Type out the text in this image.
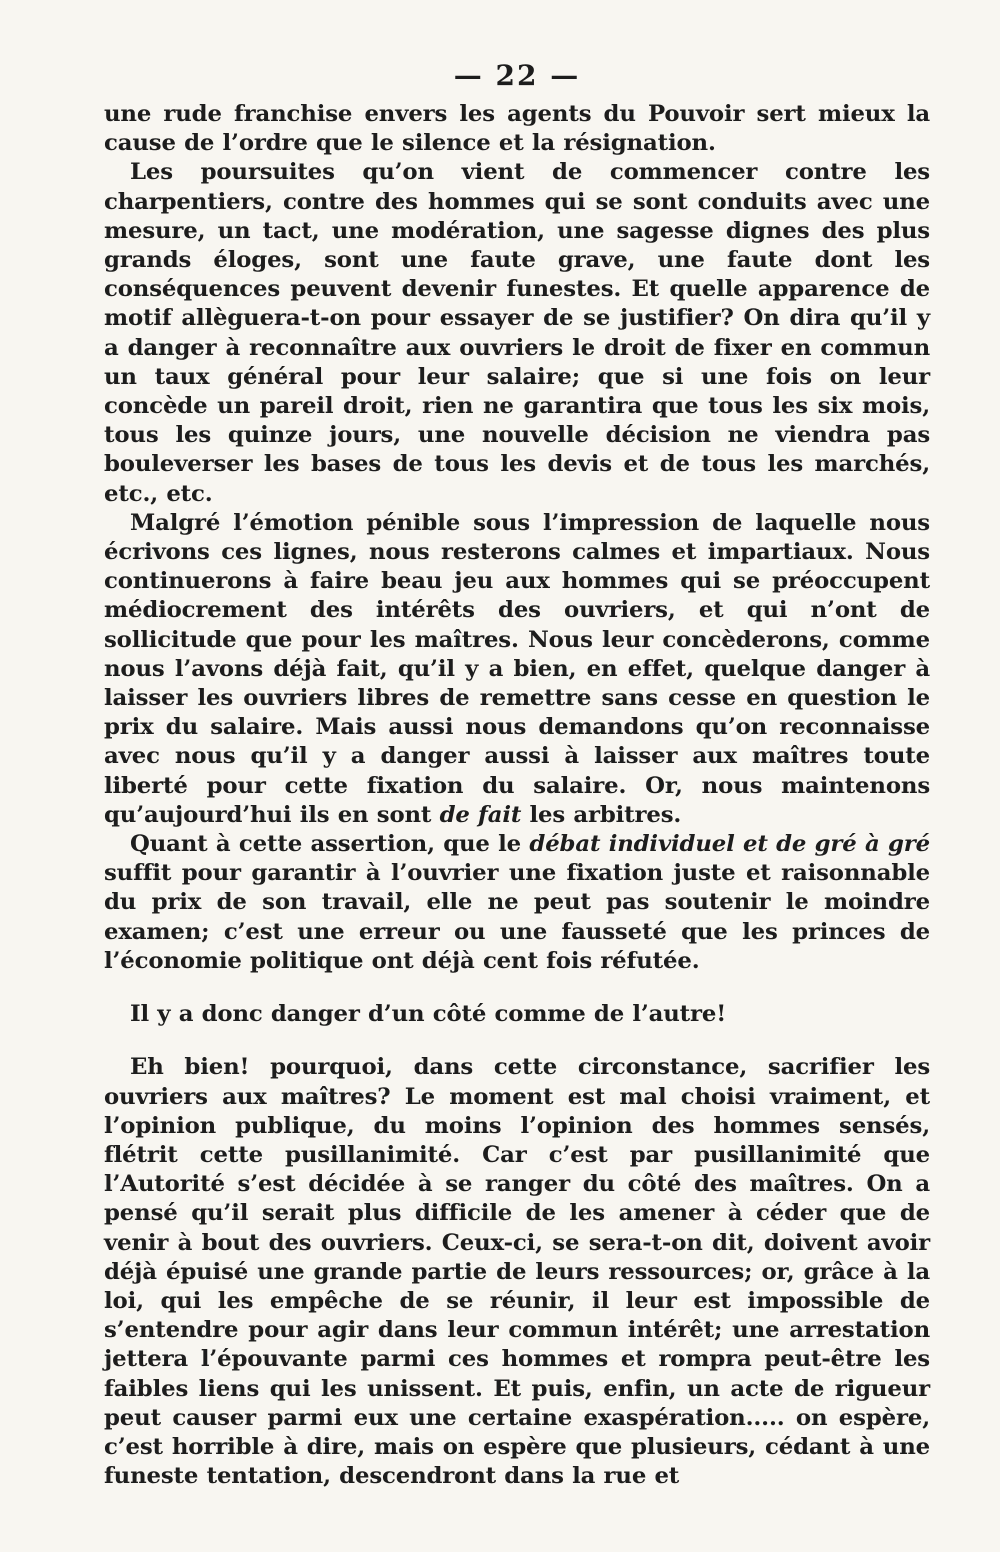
— 22 —

une rude franchise envers les agents du Pouvoir sert mieux la cause de l’ordre que le silence et la résignation.

Les poursuites qu’on vient de commencer contre les charpentiers, contre des hommes qui se sont conduits avec une mesure, un tact, une modération, une sagesse dignes des plus grands éloges, sont une faute grave, une faute dont les conséquences peuvent devenir funestes. Et quelle apparence de motif allèguera-t-on pour essayer de se justifier? On dira qu’il y a danger à reconnaître aux ouvriers le droit de fixer en commun un taux général pour leur salaire; que si une fois on leur concède un pareil droit, rien ne garantira que tous les six mois, tous les quinze jours, une nouvelle décision ne viendra pas bouleverser les bases de tous les devis et de tous les marchés, etc., etc.

Malgré l’émotion pénible sous l’impression de laquelle nous écrivons ces lignes, nous resterons calmes et impartiaux. Nous continuerons à faire beau jeu aux hommes qui se préoccupent médiocrement des intérêts des ouvriers, et qui n’ont de sollicitude que pour les maîtres. Nous leur concèderons, comme nous l’avons déjà fait, qu’il y a bien, en effet, quelque danger à laisser les ouvriers libres de remettre sans cesse en question le prix du salaire. Mais aussi nous demandons qu’on reconnaisse avec nous qu’il y a danger aussi à laisser aux maîtres toute liberté pour cette fixation du salaire. Or, nous maintenons qu’aujourd’hui ils en sont de fait les arbitres.

Quant à cette assertion, que le débat individuel et de gré à gré suffit pour garantir à l’ouvrier une fixation juste et raisonnable du prix de son travail, elle ne peut pas soutenir le moindre examen; c’est une erreur ou une fausseté que les princes de l’économie politique ont déjà cent fois réfutée.

Il y a donc danger d’un côté comme de l’autre!

Eh bien! pourquoi, dans cette circonstance, sacrifier les ouvriers aux maîtres? Le moment est mal choisi vraiment, et l’opinion publique, du moins l’opinion des hommes sensés, flétrit cette pusillanimité. Car c’est par pusillanimité que l’Autorité s’est décidée à se ranger du côté des maîtres. On a pensé qu’il serait plus difficile de les amener à céder que de venir à bout des ouvriers. Ceux-ci, se sera-t-on dit, doivent avoir déjà épuisé une grande partie de leurs ressources; or, grâce à la loi, qui les empêche de se réunir, il leur est impossible de s’entendre pour agir dans leur commun intérêt; une arrestation jettera l’épouvante parmi ces hommes et rompra peut-être les faibles liens qui les unissent. Et puis, enfin, un acte de rigueur peut causer parmi eux une certaine exaspération..... on espère, c’est horrible à dire, mais on espère que plusieurs, cédant à une funeste tentation, descendront dans la rue et
